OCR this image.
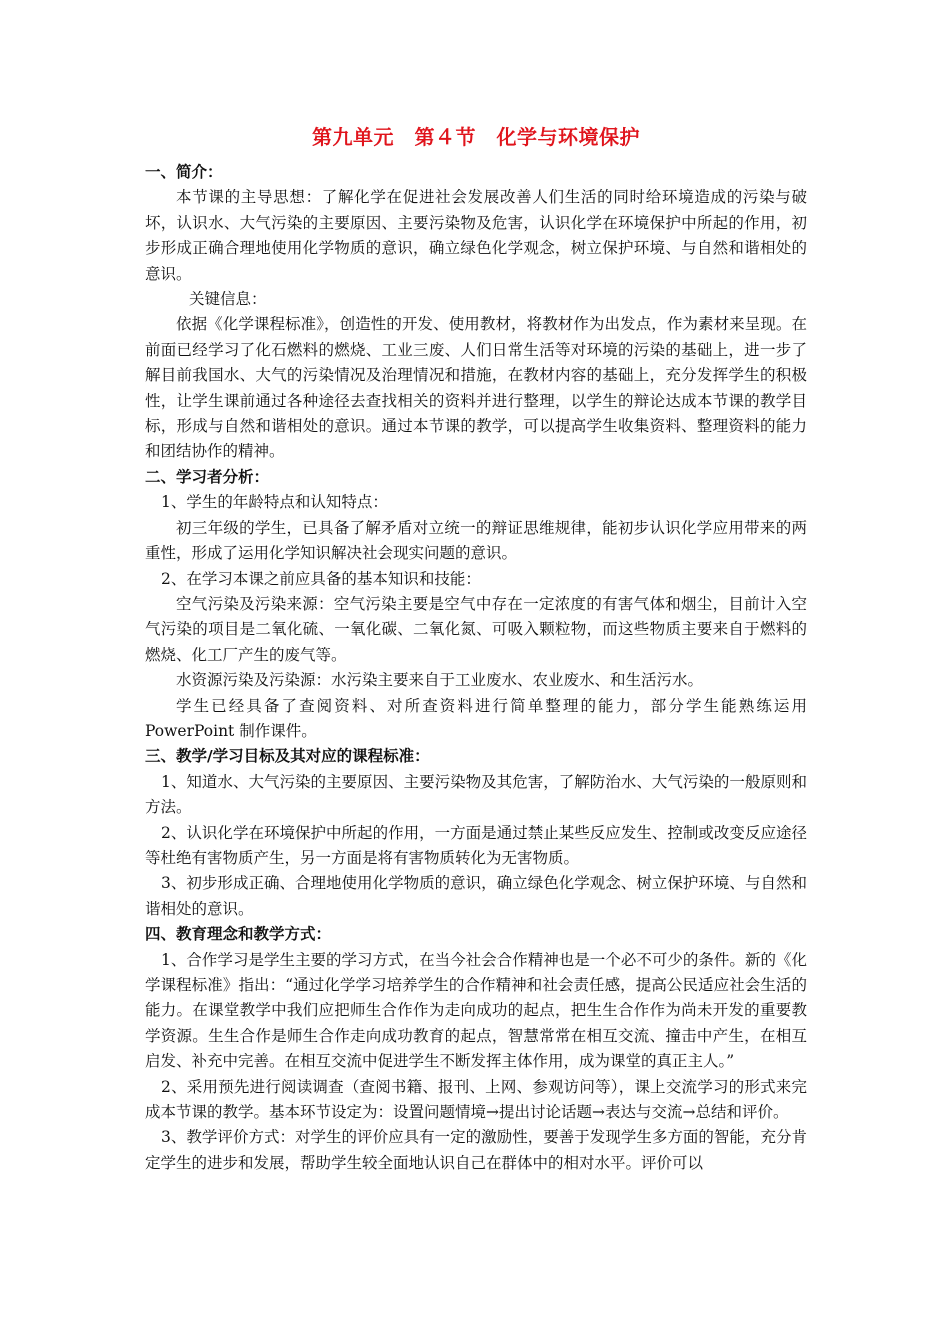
第九单元　第４节　化学与环境保护
一、简介：

本节课的主导思想：了解化学在促进社会发展改善人们生活的同时给环境造成的污染与破坏，认识水、大气污染的主要原因、主要污染物及危害，认识化学在环境保护中所起的作用，初步形成正确合理地使用化学物质的意识，确立绿色化学观念，树立保护环境、与自然和谐相处的意识。

关键信息：

依据《化学课程标准》，创造性的开发、使用教材，将教材作为出发点，作为素材来呈现。在前面已经学习了化石燃料的燃烧、工业三废、人们日常生活等对环境的污染的基础上，进一步了解目前我国水、大气的污染情况及治理情况和措施，在教材内容的基础上，充分发挥学生的积极性，让学生课前通过各种途径去查找相关的资料并进行整理，以学生的辩论达成本节课的教学目标，形成与自然和谐相处的意识。通过本节课的教学，可以提高学生收集资料、整理资料的能力和团结协作的精神。

二、学习者分析：

1、学生的年龄特点和认知特点：

初三年级的学生，已具备了解矛盾对立统一的辩证思维规律，能初步认识化学应用带来的两重性，形成了运用化学知识解决社会现实问题的意识。

2、在学习本课之前应具备的基本知识和技能：

空气污染及污染来源：空气污染主要是空气中存在一定浓度的有害气体和烟尘，目前计入空气污染的项目是二氧化硫、一氧化碳、二氧化氮、可吸入颗粒物，而这些物质主要来自于燃料的燃烧、化工厂产生的废气等。

水资源污染及污染源：水污染主要来自于工业废水、农业废水、和生活污水。

学生已经具备了查阅资料、对所查资料进行简单整理的能力，部分学生能熟练运用PowerPoint 制作课件。

三、教学/学习目标及其对应的课程标准：

1、知道水、大气污染的主要原因、主要污染物及其危害，了解防治水、大气污染的一般原则和方法。

2、认识化学在环境保护中所起的作用，一方面是通过禁止某些反应发生、控制或改变反应途径等杜绝有害物质产生，另一方面是将有害物质转化为无害物质。

3、初步形成正确、合理地使用化学物质的意识，确立绿色化学观念、树立保护环境、与自然和谐相处的意识。

四、教育理念和教学方式：

1、合作学习是学生主要的学习方式，在当今社会合作精神也是一个必不可少的条件。新的《化学课程标准》指出：“通过化学学习培养学生的合作精神和社会责任感，提高公民适应社会生活的能力。在课堂教学中我们应把师生合作作为走向成功的起点，把生生合作作为尚未开发的重要教学资源。生生合作是师生合作走向成功教育的起点，智慧常常在相互交流、撞击中产生，在相互启发、补充中完善。在相互交流中促进学生不断发挥主体作用，成为课堂的真正主人。”

2、采用预先进行阅读调查（查阅书籍、报刊、上网、参观访问等），课上交流学习的形式来完成本节课的教学。基本环节设定为：设置问题情境→提出讨论话题→表达与交流→总结和评价。

3、教学评价方式：对学生的评价应具有一定的激励性，要善于发现学生多方面的智能，充分肯定学生的进步和发展，帮助学生较全面地认识自己在群体中的相对水平。评价可以
